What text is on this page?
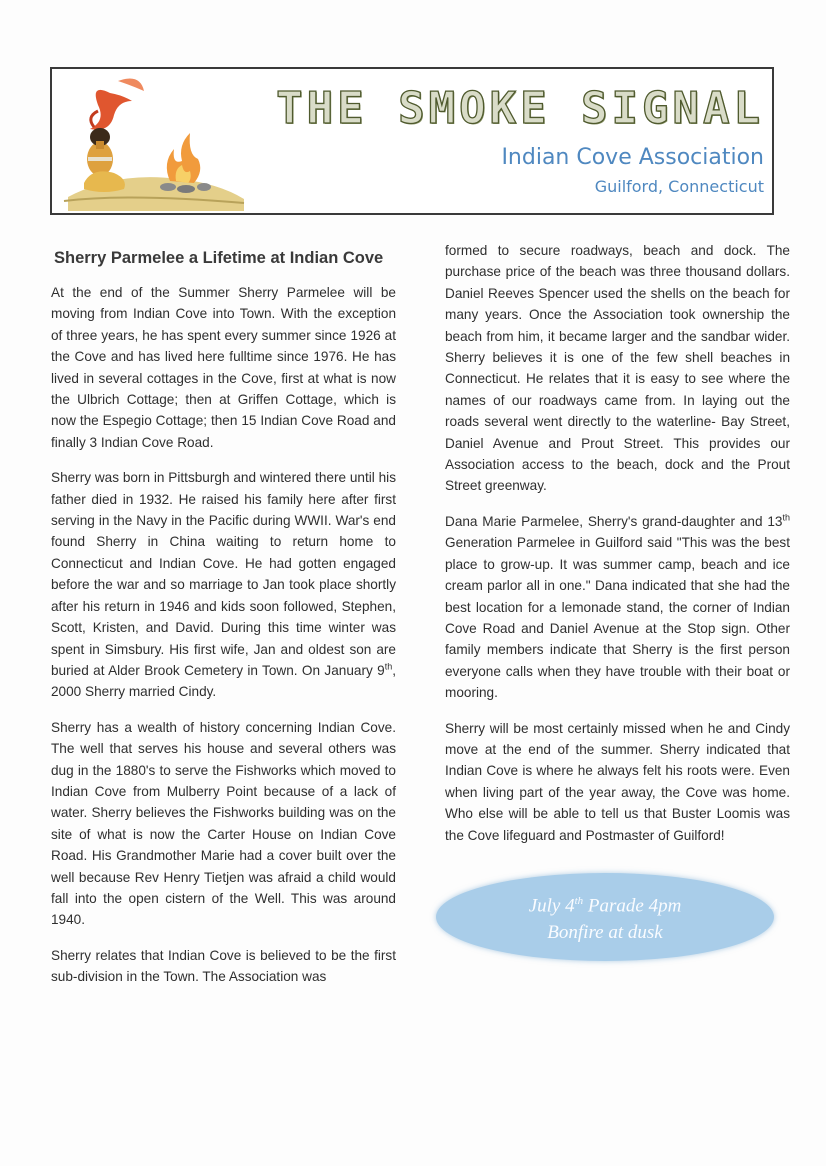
THE SMOKE SIGNAL
Indian Cove Association
Guilford, Connecticut
Sherry Parmelee a Lifetime at Indian Cove

At the end of the Summer Sherry Parmelee will be moving from Indian Cove into Town. With the exception of three years, he has spent every summer since 1926 at the Cove and has lived here fulltime since 1976. He has lived in several cottages in the Cove, first at what is now the Ulbrich Cottage; then at Griffen Cottage, which is now the Espegio Cottage; then 15 Indian Cove Road and finally 3 Indian Cove Road.

Sherry was born in Pittsburgh and wintered there until his father died in 1932. He raised his family here after first serving in the Navy in the Pacific during WWII. War's end found Sherry in China waiting to return home to Connecticut and Indian Cove. He had gotten engaged before the war and so marriage to Jan took place shortly after his return in 1946 and kids soon followed, Stephen, Scott, Kristen, and David. During this time winter was spent in Simsbury. His first wife, Jan and oldest son are buried at Alder Brook Cemetery in Town. On January 9th, 2000 Sherry married Cindy.

Sherry has a wealth of history concerning Indian Cove. The well that serves his house and several others was dug in the 1880's to serve the Fishworks which moved to Indian Cove from Mulberry Point because of a lack of water. Sherry believes the Fishworks building was on the site of what is now the Carter House on Indian Cove Road. His Grandmother Marie had a cover built over the well because Rev Henry Tietjen was afraid a child would fall into the open cistern of the Well. This was around 1940.

Sherry relates that Indian Cove is believed to be the first sub-division in the Town. The Association was

formed to secure roadways, beach and dock. The purchase price of the beach was three thousand dollars. Daniel Reeves Spencer used the shells on the beach for many years. Once the Association took ownership the beach from him, it became larger and the sandbar wider. Sherry believes it is one of the few shell beaches in Connecticut. He relates that it is easy to see where the names of our roadways came from. In laying out the roads several went directly to the waterline- Bay Street, Daniel Avenue and Prout Street. This provides our Association access to the beach, dock and the Prout Street greenway.

Dana Marie Parmelee, Sherry's grand-daughter and 13th Generation Parmelee in Guilford said "This was the best place to grow-up. It was summer camp, beach and ice cream parlor all in one." Dana indicated that she had the best location for a lemonade stand, the corner of Indian Cove Road and Daniel Avenue at the Stop sign. Other family members indicate that Sherry is the first person everyone calls when they have trouble with their boat or mooring.

Sherry will be most certainly missed when he and Cindy move at the end of the summer. Sherry indicated that Indian Cove is where he always felt his roots were. Even when living part of the year away, the Cove was home. Who else will be able to tell us that Buster Loomis was the Cove lifeguard and Postmaster of Guilford!

July 4th Parade 4pm
Bonfire at dusk
